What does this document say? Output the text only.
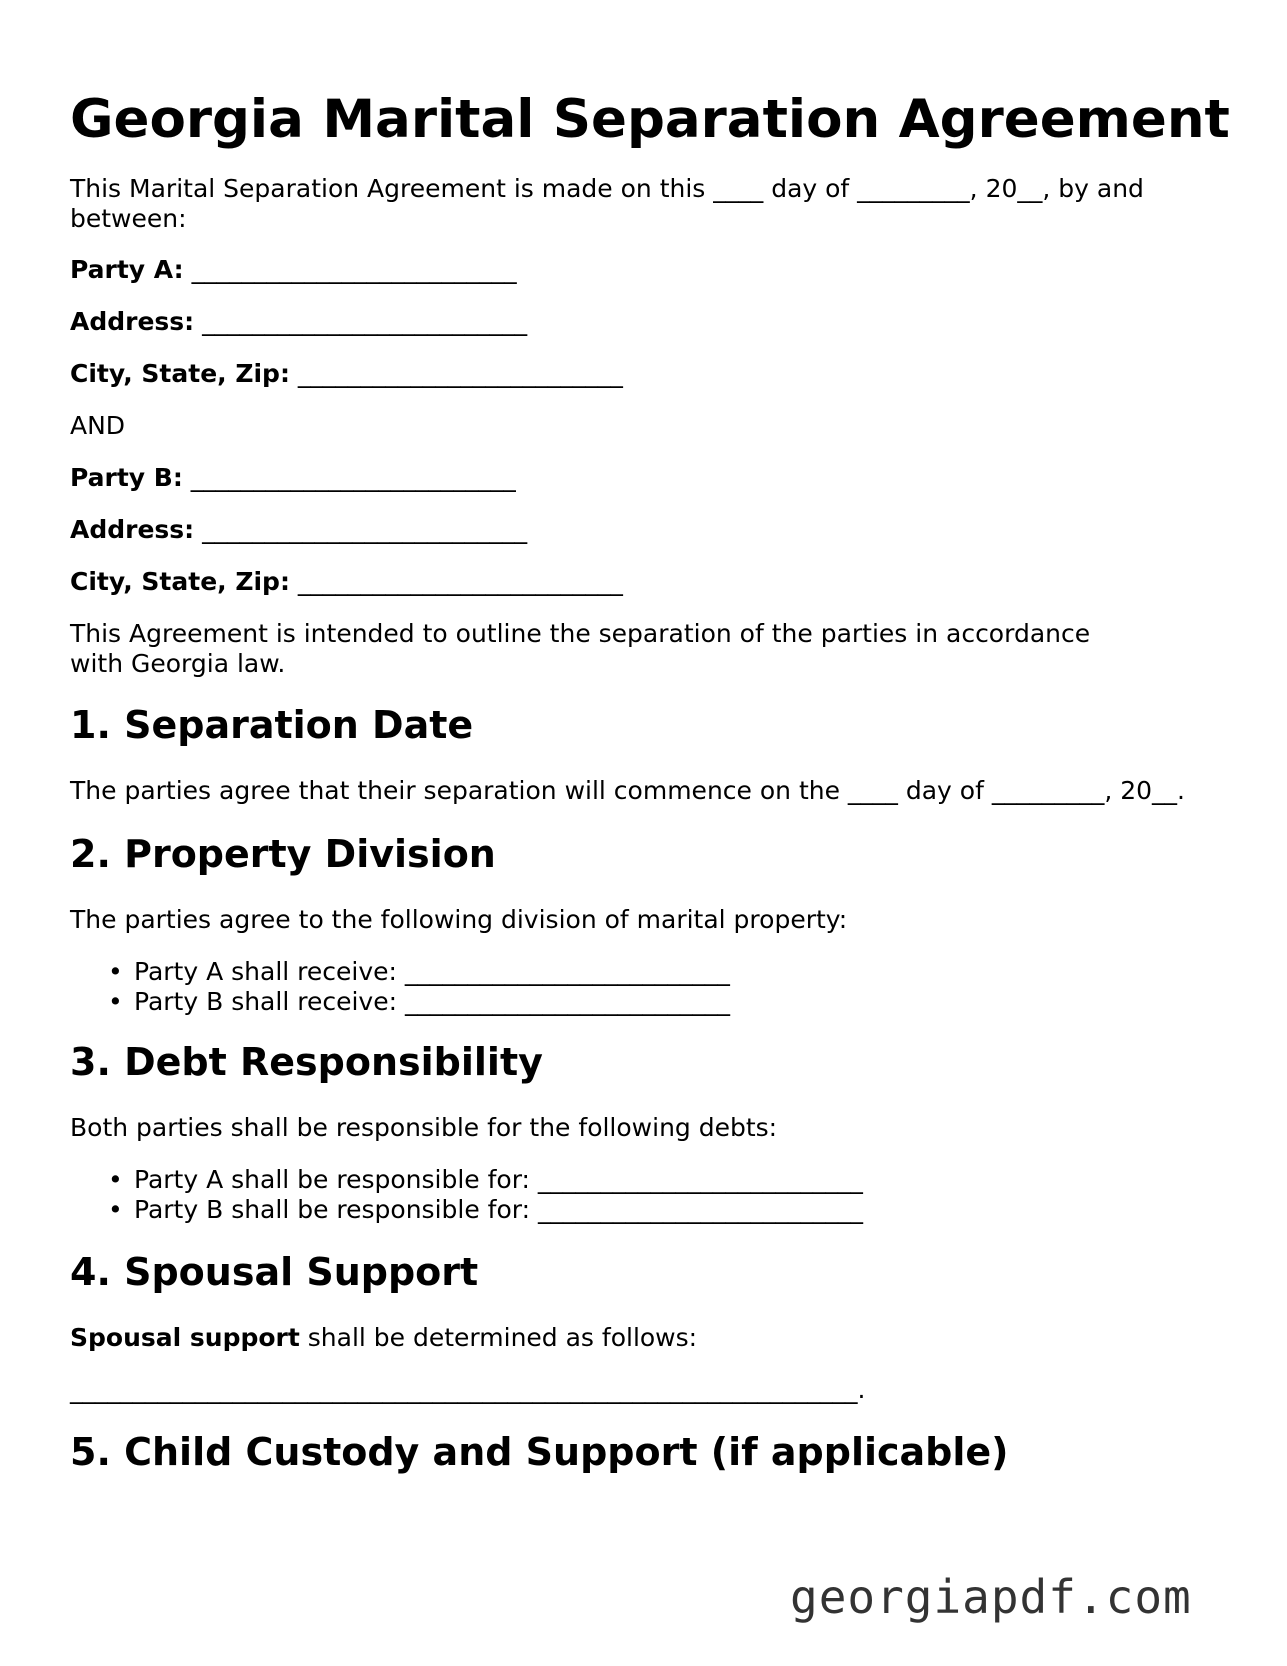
Georgia Marital Separation Agreement

This Marital Separation Agreement is made on this ____ day of _________, 20__, by and between:

Party A: __________________________

Address: __________________________

City, State, Zip: __________________________

AND

Party B: __________________________

Address: __________________________

City, State, Zip: __________________________

This Agreement is intended to outline the separation of the parties in accordance with Georgia law.

1. Separation Date

The parties agree that their separation will commence on the ____ day of _________, 20__.

2. Property Division

The parties agree to the following division of marital property:

• Party A shall receive: __________________________
• Party B shall receive: __________________________
3. Debt Responsibility

Both parties shall be responsible for the following debts:

• Party A shall be responsible for: __________________________
• Party B shall be responsible for: __________________________
4. Spousal Support

Spousal support shall be determined as follows:

_______________________________________________________________.

5. Child Custody and Support (if applicable)
georgiapdf.com
